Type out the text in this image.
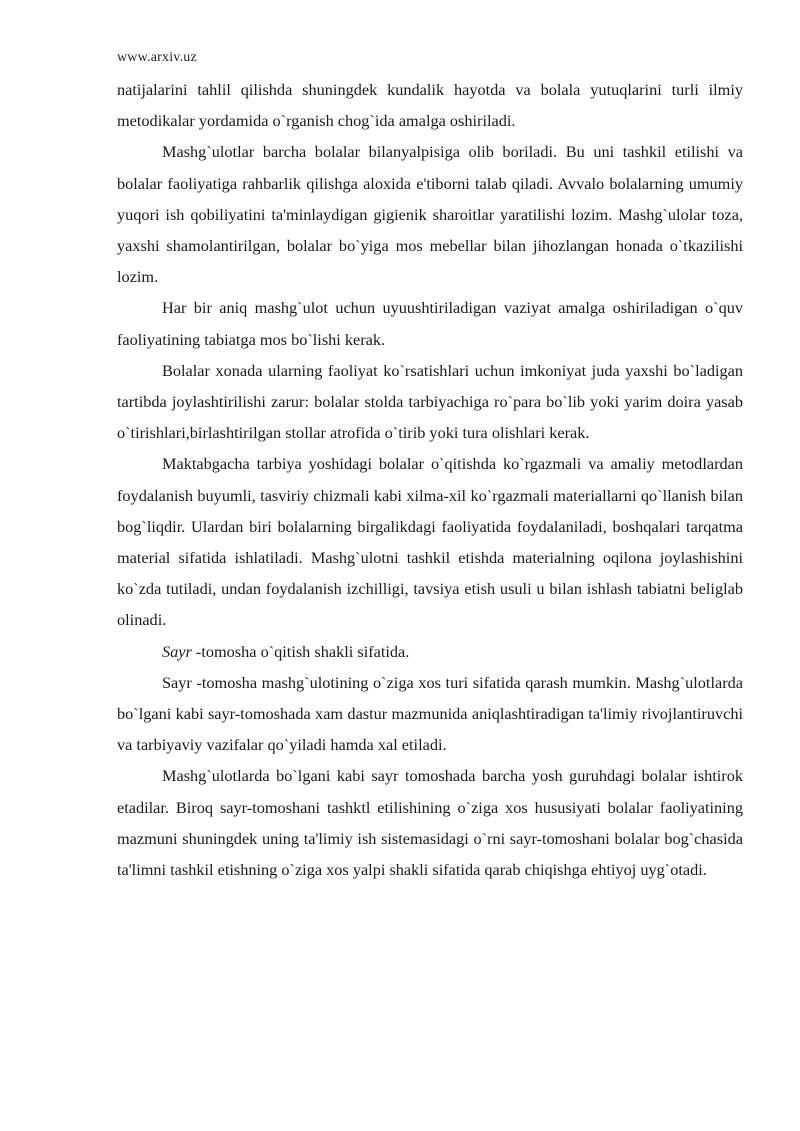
www.arxiv.uz

natijalarini tahlil qilishda shuningdek kundalik hayotda va bolala yutuqlarini turli ilmiy metodikalar yordamida o`rganish chog`ida amalga oshiriladi.

Mashg`ulotlar barcha bolalar bilanyalpisiga olib boriladi. Bu uni tashkil etilishi va bolalar faoliyatiga rahbarlik qilishga aloxida e'tiborni talab qiladi. Avvalo bolalarning umumiy yuqori ish qobiliyatini ta'minlaydigan gigienik sharoitlar yaratilishi lozim. Mashg`ulolar toza, yaxshi shamolantirilgan, bolalar bo`yiga mos mebellar bilan jihozlangan honada o`tkazilishi lozim.

Har bir aniq mashg`ulot uchun uyuushtiriladigan vaziyat amalga oshiriladigan o`quv faoliyatining tabiatga mos bo`lishi kerak.

Bolalar xonada ularning faoliyat ko`rsatishlari uchun imkoniyat juda yaxshi bo`ladigan tartibda joylashtirilishi zarur: bolalar stolda tarbiyachiga ro`para bo`lib yoki yarim doira yasab o`tirishlari,birlashtirilgan stollar atrofida o`tirib yoki tura olishlari kerak.

Maktabgacha tarbiya yoshidagi bolalar o`qitishda ko`rgazmali va amaliy metodlardan foydalanish buyumli, tasviriy chizmali kabi xilma-xil ko`rgazmali materiallarni qo`llanish bilan bog`liqdir. Ulardan biri bolalarning birgalikdagi faoliyatida foydalaniladi, boshqalari tarqatma material sifatida ishlatiladi. Mashg`ulotni tashkil etishda materialning oqilona joylashishini ko`zda tutiladi, undan foydalanish izchilligi, tavsiya etish usuli u bilan ishlash tabiatni beliglab olinadi.

Sayr -tomosha o`qitish shakli sifatida.

Sayr -tomosha mashg`ulotining o`ziga xos turi sifatida qarash mumkin. Mashg`ulotlarda bo`lgani kabi sayr-tomoshada xam dastur mazmunida aniqlashtiradigan ta'limiy rivojlantiruvchi va tarbiyaviy vazifalar qo`yiladi hamda xal etiladi.

Mashg`ulotlarda bo`lgani kabi sayr tomoshada barcha yosh guruhdagi bolalar ishtirok etadilar. Biroq sayr-tomoshani tashktl etilishining o`ziga xos hususiyati bolalar faoliyatining mazmuni shuningdek uning ta'limiy ish sistemasidagi o`rni sayr-tomoshani bolalar bog`chasida ta'limni tashkil etishning o`ziga xos yalpi shakli sifatida qarab chiqishga ehtiyoj uyg`otadi.
